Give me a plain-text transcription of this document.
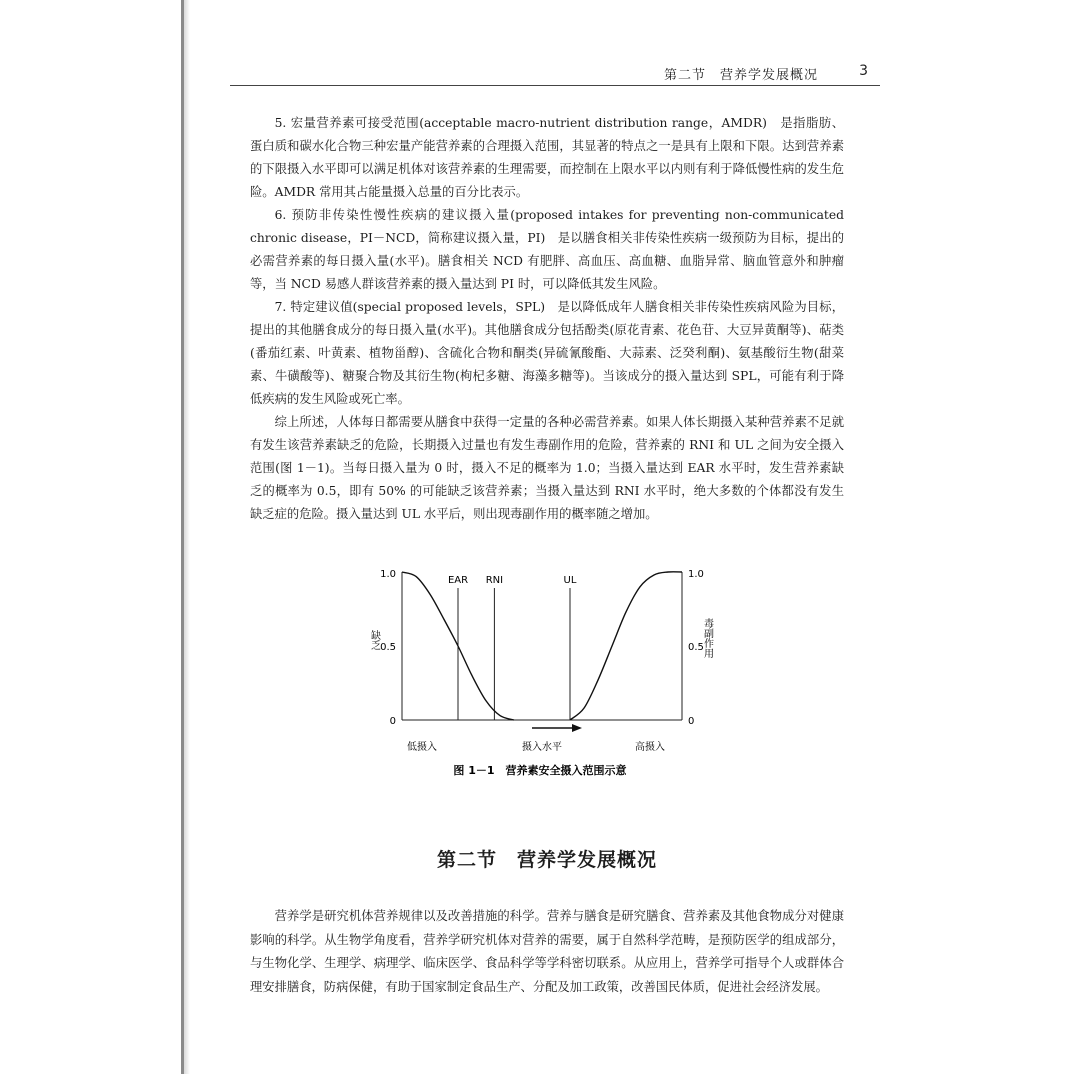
第二节　营养学发展概况	3

5. 宏量营养素可接受范围(acceptable macro-nutrient distribution range，AMDR)　是指脂肪、蛋白质和碳水化合物三种宏量产能营养素的合理摄入范围，其显著的特点之一是具有上限和下限。达到营养素的下限摄入水平即可以满足机体对该营养素的生理需要，而控制在上限水平以内则有利于降低慢性病的发生危险。AMDR 常用其占能量摄入总量的百分比表示。

6. 预防非传染性慢性疾病的建议摄入量(proposed intakes for preventing non-communicated chronic disease，PI－NCD，简称建议摄入量，PI)　是以膳食相关非传染性疾病一级预防为目标，提出的必需营养素的每日摄入量(水平)。膳食相关 NCD 有肥胖、高血压、高血糖、血脂异常、脑血管意外和肿瘤等，当 NCD 易感人群该营养素的摄入量达到 PI 时，可以降低其发生风险。

7. 特定建议值(special proposed levels，SPL)　是以降低成年人膳食相关非传染性疾病风险为目标，提出的其他膳食成分的每日摄入量(水平)。其他膳食成分包括酚类(原花青素、花色苷、大豆异黄酮等)、萜类(番茄红素、叶黄素、植物甾醇)、含硫化合物和酮类(异硫氰酸酯、大蒜素、泛癸利酮)、氨基酸衍生物(甜菜素、牛磺酸等)、糖聚合物及其衍生物(枸杞多糖、海藻多糖等)。当该成分的摄入量达到 SPL，可能有利于降低疾病的发生风险或死亡率。

综上所述，人体每日都需要从膳食中获得一定量的各种必需营养素。如果人体长期摄入某种营养素不足就有发生该营养素缺乏的危险，长期摄入过量也有发生毒副作用的危险，营养素的 RNI 和 UL 之间为安全摄入范围(图 1－1)。当每日摄入量为 0 时，摄入不足的概率为 1.0；当摄入量达到 EAR 水平时，发生营养素缺乏的概率为 0.5，即有 50% 的可能缺乏该营养素；当摄入量达到 RNI 水平时，绝大多数的个体都没有发生缺乏症的危险。摄入量达到 UL 水平后，则出现毒副作用的概率随之增加。

1.0
0.5
0
1.0
0.5
0
缺乏	毒副作用
EAR RNI	UL
低摄入	摄入水平	高摄入
图 1－1　营养素安全摄入范围示意
第二节　营养学发展概况

营养学是研究机体营养规律以及改善措施的科学。营养与膳食是研究膳食、营养素及其他食物成分对健康影响的科学。从生物学角度看，营养学研究机体对营养的需要，属于自然科学范畴，是预防医学的组成部分，与生物化学、生理学、病理学、临床医学、食品科学等学科密切联系。从应用上，营养学可指导个人或群体合理安排膳食，防病保健，有助于国家制定食品生产、分配及加工政策，改善国民体质，促进社会经济发展。
